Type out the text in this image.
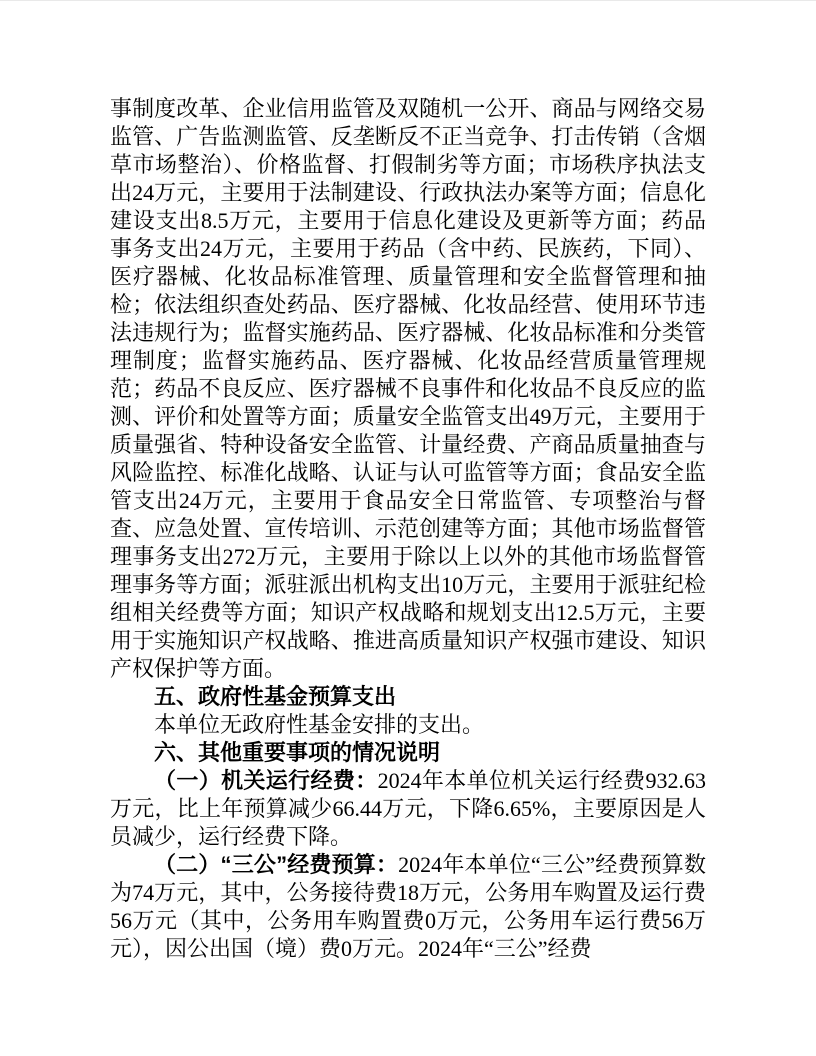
事制度改革、企业信用监管及双随机一公开、商品与网络交易监管、广告监测监管、反垄断反不正当竞争、打击传销（含烟草市场整治）、价格监督、打假制劣等方面；市场秩序执法支出24万元，主要用于法制建设、行政执法办案等方面；信息化建设支出8.5万元，主要用于信息化建设及更新等方面；药品事务支出24万元，主要用于药品（含中药、民族药，下同）、医疗器械、化妆品标准管理、质量管理和安全监督管理和抽检；依法组织查处药品、医疗器械、化妆品经营、使用环节违法违规行为；监督实施药品、医疗器械、化妆品标准和分类管理制度；监督实施药品、医疗器械、化妆品经营质量管理规范；药品不良反应、医疗器械不良事件和化妆品不良反应的监测、评价和处置等方面；质量安全监管支出49万元，主要用于质量强省、特种设备安全监管、计量经费、产商品质量抽查与风险监控、标准化战略、认证与认可监管等方面；食品安全监管支出24万元，主要用于食品安全日常监管、专项整治与督查、应急处置、宣传培训、示范创建等方面；其他市场监督管理事务支出272万元，主要用于除以上以外的其他市场监督管理事务等方面；派驻派出机构支出10万元，主要用于派驻纪检组相关经费等方面；知识产权战略和规划支出12.5万元，主要用于实施知识产权战略、推进高质量知识产权强市建设、知识产权保护等方面。

五、政府性基金预算支出

本单位无政府性基金安排的支出。

六、其他重要事项的情况说明

（一）机关运行经费：2024年本单位机关运行经费932.63万元，比上年预算减少66.44万元，下降6.65%，主要原因是人员减少，运行经费下降。

（二）“三公”经费预算：2024年本单位“三公”经费预算数为74万元，其中，公务接待费18万元，公务用车购置及运行费56万元（其中，公务用车购置费0万元，公务用车运行费56万元），因公出国（境）费0万元。2024年“三公”经费
